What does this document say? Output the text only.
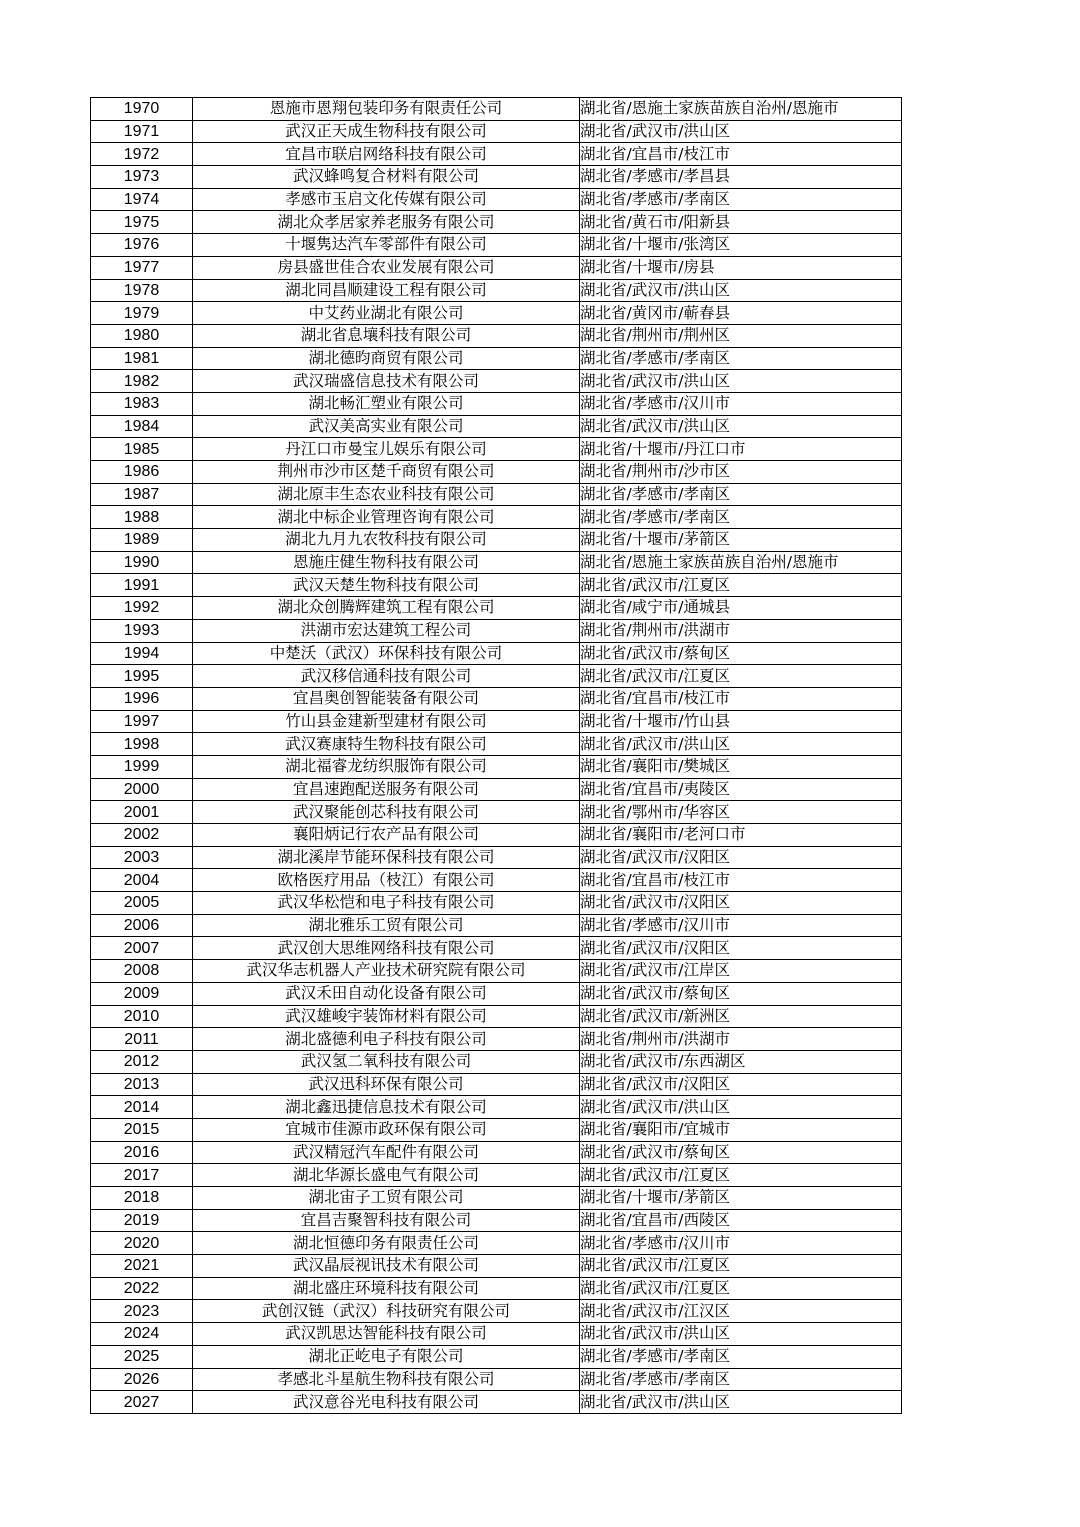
1970	恩施市恩翔包装印务有限责任公司	湖北省/恩施土家族苗族自治州/恩施市
1971	武汉正天成生物科技有限公司	湖北省/武汉市/洪山区
1972	宜昌市联启网络科技有限公司	湖北省/宜昌市/枝江市
1973	武汉蜂鸣复合材料有限公司	湖北省/孝感市/孝昌县
1974	孝感市玉启文化传媒有限公司	湖北省/孝感市/孝南区
1975	湖北众孝居家养老服务有限公司	湖北省/黄石市/阳新县
1976	十堰隽达汽车零部件有限公司	湖北省/十堰市/张湾区
1977	房县盛世佳合农业发展有限公司	湖北省/十堰市/房县
1978	湖北同昌顺建设工程有限公司	湖北省/武汉市/洪山区
1979	中艾药业湖北有限公司	湖北省/黄冈市/蕲春县
1980	湖北省息壤科技有限公司	湖北省/荆州市/荆州区
1981	湖北德昀商贸有限公司	湖北省/孝感市/孝南区
1982	武汉瑞盛信息技术有限公司	湖北省/武汉市/洪山区
1983	湖北畅汇塑业有限公司	湖北省/孝感市/汉川市
1984	武汉美高实业有限公司	湖北省/武汉市/洪山区
1985	丹江口市曼宝儿娱乐有限公司	湖北省/十堰市/丹江口市
1986	荆州市沙市区楚千商贸有限公司	湖北省/荆州市/沙市区
1987	湖北原丰生态农业科技有限公司	湖北省/孝感市/孝南区
1988	湖北中标企业管理咨询有限公司	湖北省/孝感市/孝南区
1989	湖北九月九农牧科技有限公司	湖北省/十堰市/茅箭区
1990	恩施庄健生物科技有限公司	湖北省/恩施土家族苗族自治州/恩施市
1991	武汉天楚生物科技有限公司	湖北省/武汉市/江夏区
1992	湖北众创腾辉建筑工程有限公司	湖北省/咸宁市/通城县
1993	洪湖市宏达建筑工程公司	湖北省/荆州市/洪湖市
1994	中楚沃（武汉）环保科技有限公司	湖北省/武汉市/蔡甸区
1995	武汉移信通科技有限公司	湖北省/武汉市/江夏区
1996	宜昌奥创智能装备有限公司	湖北省/宜昌市/枝江市
1997	竹山县金建新型建材有限公司	湖北省/十堰市/竹山县
1998	武汉赛康特生物科技有限公司	湖北省/武汉市/洪山区
1999	湖北福睿龙纺织服饰有限公司	湖北省/襄阳市/樊城区
2000	宜昌速跑配送服务有限公司	湖北省/宜昌市/夷陵区
2001	武汉聚能创芯科技有限公司	湖北省/鄂州市/华容区
2002	襄阳炳记行农产品有限公司	湖北省/襄阳市/老河口市
2003	湖北溪岸节能环保科技有限公司	湖北省/武汉市/汉阳区
2004	欧格医疗用品（枝江）有限公司	湖北省/宜昌市/枝江市
2005	武汉华松恺和电子科技有限公司	湖北省/武汉市/汉阳区
2006	湖北雅乐工贸有限公司	湖北省/孝感市/汉川市
2007	武汉创大思维网络科技有限公司	湖北省/武汉市/汉阳区
2008	武汉华志机器人产业技术研究院有限公司	湖北省/武汉市/江岸区
2009	武汉禾田自动化设备有限公司	湖北省/武汉市/蔡甸区
2010	武汉雄峻宇装饰材料有限公司	湖北省/武汉市/新洲区
2011	湖北盛德利电子科技有限公司	湖北省/荆州市/洪湖市
2012	武汉氢二氧科技有限公司	湖北省/武汉市/东西湖区
2013	武汉迅科环保有限公司	湖北省/武汉市/汉阳区
2014	湖北鑫迅捷信息技术有限公司	湖北省/武汉市/洪山区
2015	宜城市佳源市政环保有限公司	湖北省/襄阳市/宜城市
2016	武汉精冠汽车配件有限公司	湖北省/武汉市/蔡甸区
2017	湖北华源长盛电气有限公司	湖北省/武汉市/江夏区
2018	湖北宙子工贸有限公司	湖北省/十堰市/茅箭区
2019	宜昌吉聚智科技有限公司	湖北省/宜昌市/西陵区
2020	湖北恒德印务有限责任公司	湖北省/孝感市/汉川市
2021	武汉晶辰视讯技术有限公司	湖北省/武汉市/江夏区
2022	湖北盛庄环境科技有限公司	湖北省/武汉市/江夏区
2023	武创汉链（武汉）科技研究有限公司	湖北省/武汉市/江汉区
2024	武汉凯思达智能科技有限公司	湖北省/武汉市/洪山区
2025	湖北正屹电子有限公司	湖北省/孝感市/孝南区
2026	孝感北斗星航生物科技有限公司	湖北省/孝感市/孝南区
2027	武汉意谷光电科技有限公司	湖北省/武汉市/洪山区
